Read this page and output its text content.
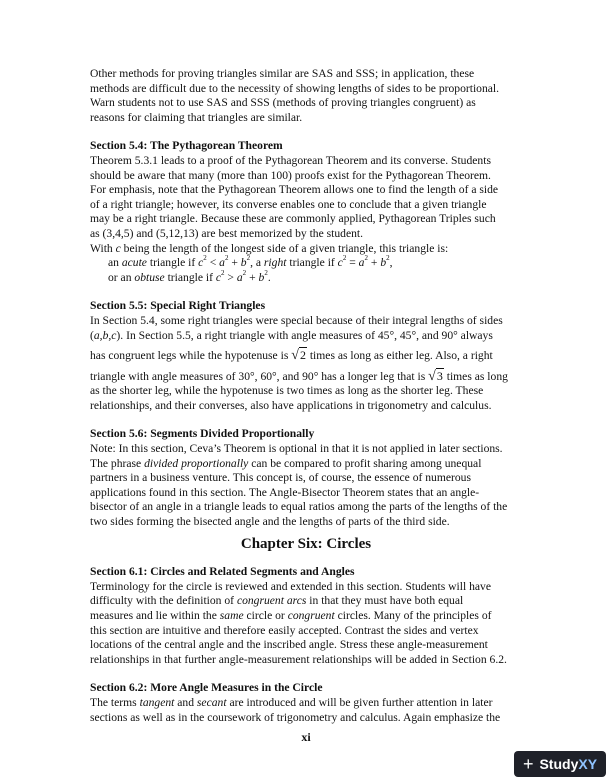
Other methods for proving triangles similar are SAS and SSS; in application, these
methods are difficult due to the necessity of showing lengths of sides to be proportional.
Warn students not to use SAS and SSS (methods of proving triangles congruent) as
reasons for claiming that triangles are similar.

Section 5.4: The Pythagorean Theorem

Theorem 5.3.1 leads to a proof of the Pythagorean Theorem and its converse. Students
should be aware that many (more than 100) proofs exist for the Pythagorean Theorem.
For emphasis, note that the Pythagorean Theorem allows one to find the length of a side
of a right triangle; however, its converse enables one to conclude that a given triangle
may be a right triangle. Because these are commonly applied, Pythagorean Triples such
as (3,4,5) and (5,12,13) are best memorized by the student.
With c being the length of the longest side of a given triangle, this triangle is:

an acute triangle if $c^2 < a^2 + b^2$, a right triangle if $c^2 = a^2 + b^2$,

or an obtuse triangle if $c^2 > a^2 + b^2$.

Section 5.5: Special Right Triangles

In Section 5.4, some right triangles were special because of their integral lengths of sides
(a,b,c). In Section 5.5, a right triangle with angle measures of 45°, 45°, and 90° always
has congruent legs while the hypotenuse is √2 times as long as either leg. Also, a right
triangle with angle measures of 30°, 60°, and 90° has a longer leg that is √3 times as long
as the shorter leg, while the hypotenuse is two times as long as the shorter leg. These
relationships, and their converses, also have applications in trigonometry and calculus.

Section 5.6: Segments Divided Proportionally

Note: In this section, Ceva’s Theorem is optional in that it is not applied in later sections.
The phrase divided proportionally can be compared to profit sharing among unequal
partners in a business venture. This concept is, of course, the essence of numerous
applications found in this section. The Angle-Bisector Theorem states that an angle-
bisector of an angle in a triangle leads to equal ratios among the parts of the lengths of the
two sides forming the bisected angle and the lengths of parts of the third side.

Chapter Six: Circles

Section 6.1: Circles and Related Segments and Angles

Terminology for the circle is reviewed and extended in this section. Students will have
difficulty with the definition of congruent arcs in that they must have both equal
measures and lie within the same circle or congruent circles. Many of the principles of
this section are intuitive and therefore easily accepted. Contrast the sides and vertex
locations of the central angle and the inscribed angle. Stress these angle-measurement
relationships in that further angle-measurement relationships will be added in Section 6.2.

Section 6.2: More Angle Measures in the Circle

The terms tangent and secant are introduced and will be given further attention in later
sections as well as in the coursework of trigonometry and calculus. Again emphasize the

xi
+ Study XY
